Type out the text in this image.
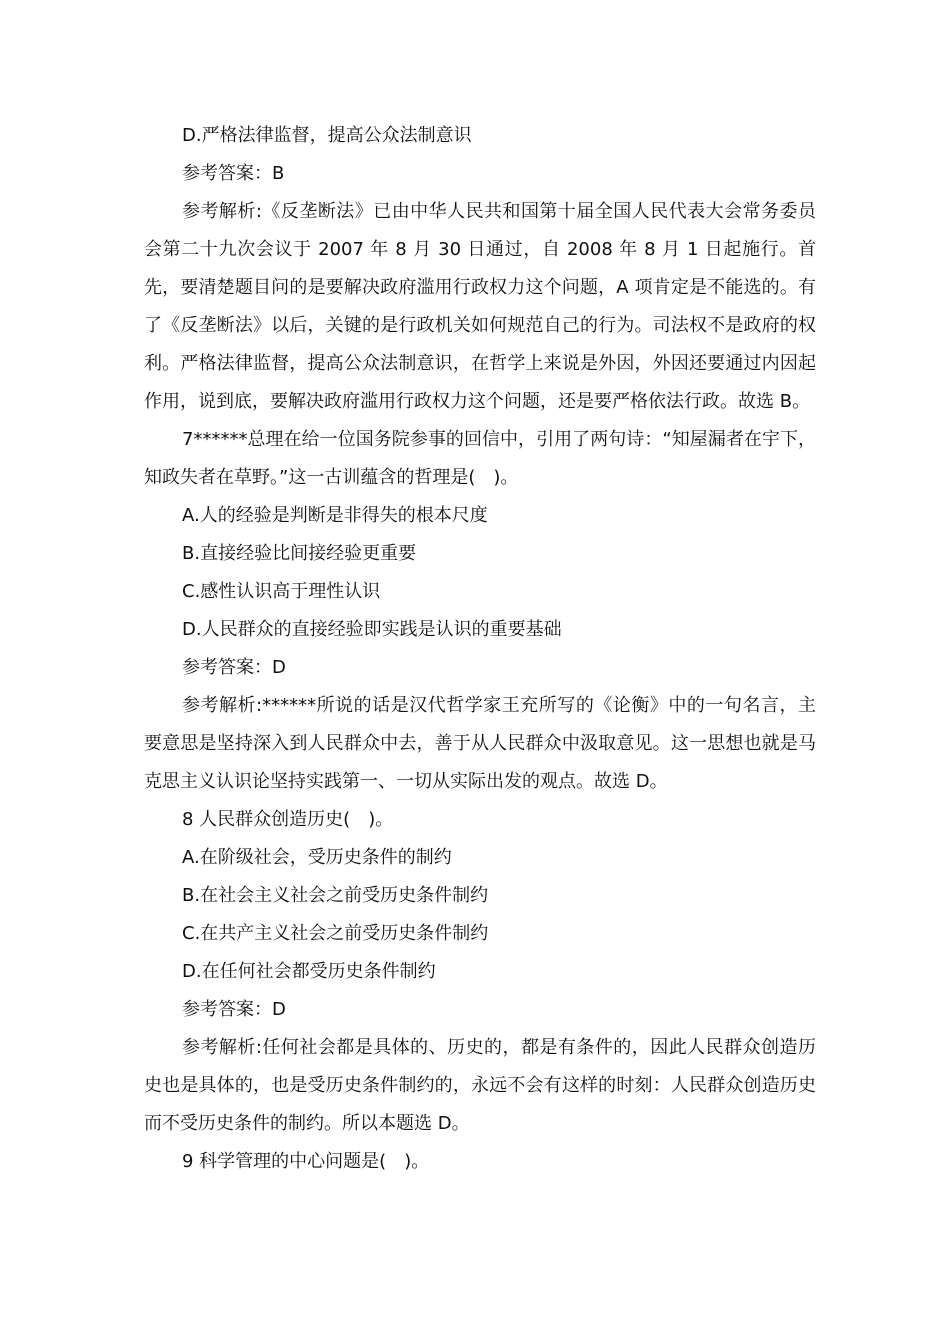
D.严格法律监督，提高公众法制意识

参考答案：B

参考解析:《反垄断法》已由中华人民共和国第十届全国人民代表大会常务委员会第二十九次会议于 2007 年 8 月 30 日通过，自 2008 年 8 月 1 日起施行。首先，要清楚题目问的是要解决政府滥用行政权力这个问题，A 项肯定是不能选的。有了《反垄断法》以后，关键的是行政机关如何规范自己的行为。司法权不是政府的权利。严格法律监督，提高公众法制意识，在哲学上来说是外因，外因还要通过内因起作用，说到底，要解决政府滥用行政权力这个问题，还是要严格依法行政。故选 B。

7******总理在给一位国务院参事的回信中，引用了两句诗：“知屋漏者在宇下，知政失者在草野。”这一古训蕴含的哲理是(　)。

A.人的经验是判断是非得失的根本尺度

B.直接经验比间接经验更重要

C.感性认识高于理性认识

D.人民群众的直接经验即实践是认识的重要基础

参考答案：D

参考解析:******所说的话是汉代哲学家王充所写的《论衡》中的一句名言，主要意思是坚持深入到人民群众中去，善于从人民群众中汲取意见。这一思想也就是马克思主义认识论坚持实践第一、一切从实际出发的观点。故选 D。

8 人民群众创造历史(　)。

A.在阶级社会，受历史条件的制约

B.在社会主义社会之前受历史条件制约

C.在共产主义社会之前受历史条件制约

D.在任何社会都受历史条件制约

参考答案：D

参考解析:任何社会都是具体的、历史的，都是有条件的，因此人民群众创造历史也是具体的，也是受历史条件制约的，永远不会有这样的时刻：人民群众创造历史而不受历史条件的制约。所以本题选 D。

9 科学管理的中心问题是(　)。
